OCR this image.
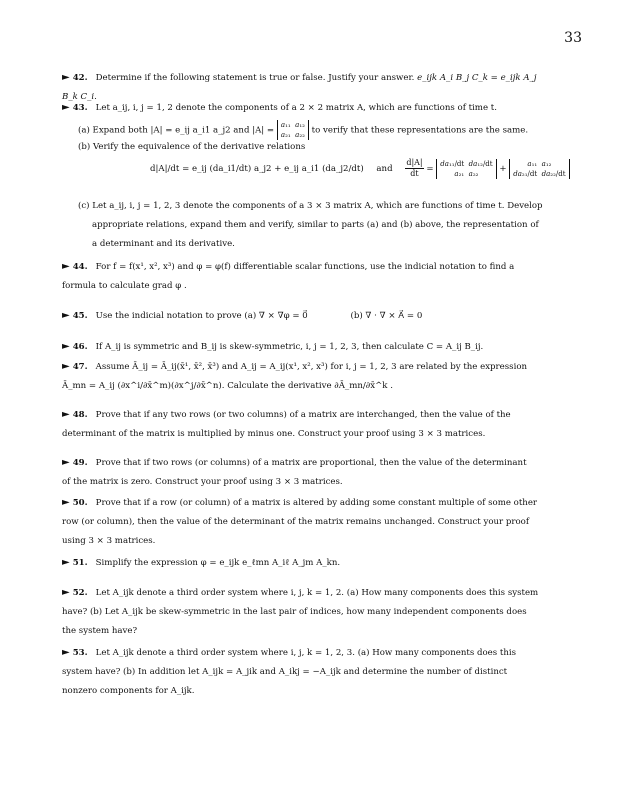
33
► 42. Determine if the following statement is true or false. Justify your answer. e_ijk A_i B_j C_k = e_ijk A_j B_k C_i.
► 43. Let a_ij, i, j = 1, 2 denote the components of a 2 × 2 matrix A, which are functions of time t.
(a) Expand both |A| = e_ij a_i1 a_j2 and |A| = a₁₁  a₁₂
a₂₁  a₂₂ to verify that these representations are the same.
(b) Verify the equivalence of the derivative relations
d|A|/dt = e_ij (da_i1/dt) a_j2 + e_ij a_i1 (da_j2/dt) and $\frac{d|A|}{dt} = da_{11}/dt$  da₁₂/dt
a₂₁  a₂₂ + a₁₁  a₁₂
da₂₁/dt  da₂₂/dt
(c) Let a_ij, i, j = 1, 2, 3 denote the components of a 3 × 3 matrix A, which are functions of time t. Develop
appropriate relations, expand them and verify, similar to parts (a) and (b) above, the representation of
a determinant and its derivative.
► 44. For f = f(x¹, x², x³) and φ = φ(f) differentiable scalar functions, use the indicial notation to find a
formula to calculate grad φ .
► 45. Use the indicial notation to prove (a) ∇ × ∇φ = 0⃗	(b) ∇ · ∇ × A⃗ = 0
► 46. If A_ij is symmetric and B_ij is skew-symmetric, i, j = 1, 2, 3, then calculate C = A_ij B_ij.
► 47. Assume Ā_ij = Ā_ij(x̄¹, x̄², x̄³) and A_ij = A_ij(x¹, x², x³) for i, j = 1, 2, 3 are related by the expression
Ā_mn = A_ij (∂x^i/∂x̄^m)(∂x^j/∂x̄^n). Calculate the derivative ∂Ā_mn/∂x̄^k .
► 48. Prove that if any two rows (or two columns) of a matrix are interchanged, then the value of the
determinant of the matrix is multiplied by minus one. Construct your proof using 3 × 3 matrices.
► 49. Prove that if two rows (or columns) of a matrix are proportional, then the value of the determinant
of the matrix is zero. Construct your proof using 3 × 3 matrices.
► 50. Prove that if a row (or column) of a matrix is altered by adding some constant multiple of some other
row (or column), then the value of the determinant of the matrix remains unchanged. Construct your proof
using 3 × 3 matrices.
► 51. Simplify the expression φ = e_ijk e_ℓmn A_iℓ A_jm A_kn.
► 52. Let A_ijk denote a third order system where i, j, k = 1, 2. (a) How many components does this system
have? (b) Let A_ijk be skew-symmetric in the last pair of indices, how many independent components does
the system have?
► 53. Let A_ijk denote a third order system where i, j, k = 1, 2, 3. (a) How many components does this
system have? (b) In addition let A_ijk = A_jik and A_ikj = −A_ijk and determine the number of distinct
nonzero components for A_ijk.
